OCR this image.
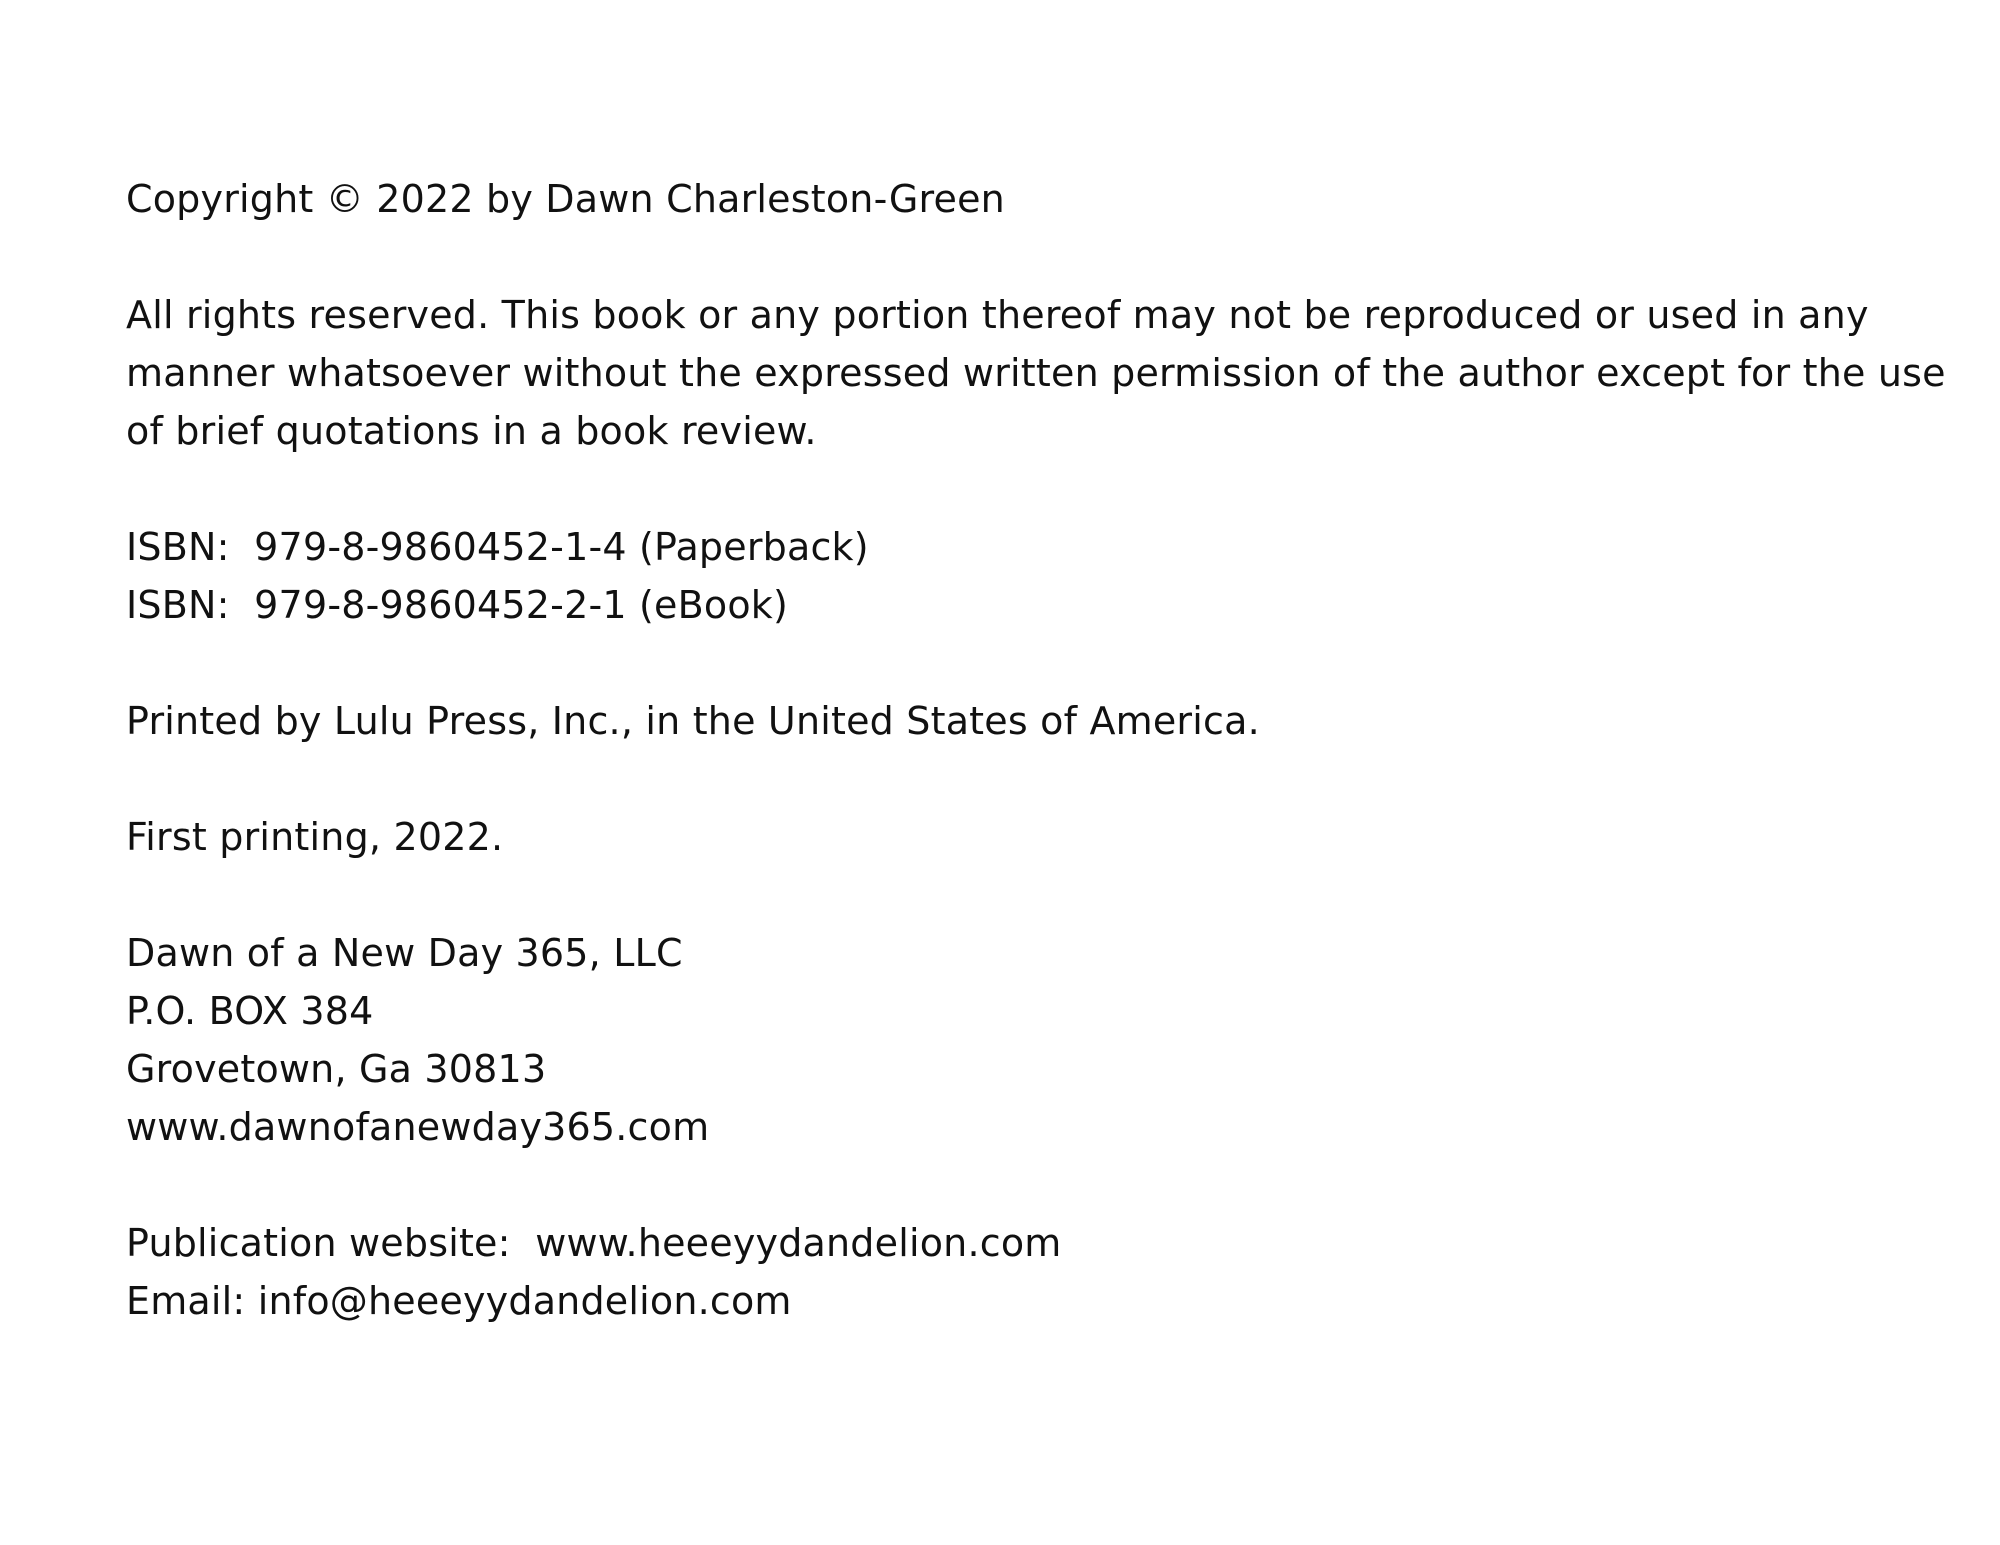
Copyright © 2022 by Dawn Charleston-Green
All rights reserved. This book or any portion thereof may not be reproduced or used in any
manner whatsoever without the expressed written permission of the author except for the use
of brief quotations in a book review.
ISBN:  979-8-9860452-1-4 (Paperback)
ISBN:  979-8-9860452-2-1 (eBook)
Printed by Lulu Press, Inc., in the United States of America.
First printing, 2022.
Dawn of a New Day 365, LLC
P.O. BOX 384
Grovetown, Ga 30813
www.dawnofanewday365.com
Publication website:  www.heeeyydandelion.com
Email: info@heeeyydandelion.com
